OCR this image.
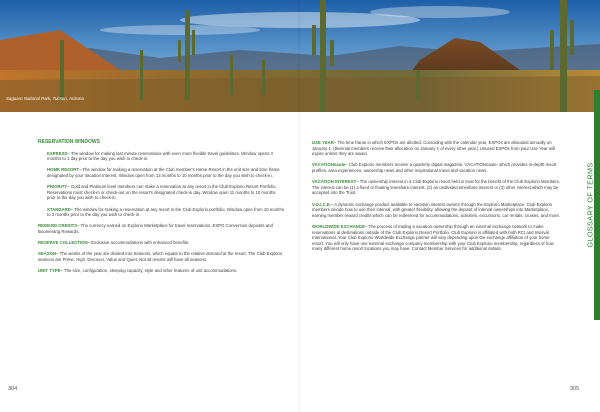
Saguaro National Park, Tucson, Arizona
RESERVATION WINDOWS
EXPRESS– The window for making last minute reservations with even more flexible travel guidelines. Window opens 3 months to 1 day prior to the day you wish to check-in.
HOME RESORT– The window for making a reservation at the Club member's Home Resort in the unit size and time frame designated by your Vacation Interest. Window open from 13 months to 10 months prior to the day you wish to check-in.
PRIORITY– Gold and Platinum level members can make a reservation at any resort in the Club Explorio Resort Portfolio. Reservations must check-in or check-out on the resort's designated check-in day. Window open 11 months to 10 months prior to the day you wish to check-in.
STANDARD– The window for making a reservation at any resort in the Club Explorio portfolio. Window open from 10 months to 3 months prior to the day you wish to check-in.
REWARD CREDITS– The currency earned on Explorio Marketplace for travel reservations, EXPO Conversion deposits and Boomerang Rewards.
RESERVE COLLECTION– Exclusive accommodations with enhanced benefits.
SEASON– The weeks of the year are divided into Seasons, which equate to the relative demand at the resort. The Club Explorio seasons are Prime, High, Discover, Value and Quiet. Not all resorts will have all seasons.
UNIT TYPE– The size, configuration, sleeping capacity, style and other features of unit accommodations.
USE YEAR– The time frame in which EXPOs are allotted. Coinciding with the calendar year, EXPOs are allocated annually on January 1. (Biennial members receive their allocation on January 1 of every other year.) Unused EXPOs from your Use Year will expire unless they are saved.
VACATIONnaute– Club Explorio members receive a quarterly digital magazine, VACATIONnaute, which provides in-depth resort profiles, area experiences, ownership news and other inspirational travel and vacation news.
VACATION INTEREST– The ownership interest in a Club Explorio resort held in trust for the benefit of the Club Explorio Members. The interest can be (1) a fixed or floating timeshare interest, (2) an undivided timeshare interest or (3) other interest which may be accepted into the Trust.
V.O.I.C.E.– A dynamic exchange product available to vacation interest owners through the Explorio Marketplace. Club Explorio members decide how to use their interval, with greater flexibility, allowing the deposit of interval ownerships into Marketplace, earning member reward credits which can be redeemed for accommodations, activities, excursions, car rentals, cruises, and more.
WORLDWIDE EXCHANGE– The process of trading a vacation ownership through an external exchange network to make reservations at destinations outside of the Club Explorio Resort Portfolio. Club Explorio is affiliated with both RCI and Interval International. Your Club Explorio Worldwide Exchange partner will vary depending upon the exchange affiliation of your home resort. You will only have one external exchange company membership with your Club Explorio membership, regardless of how many different home resort locations you may have. Contact Member Services for additional details.
GLOSSARY OF TERMS
304	305
